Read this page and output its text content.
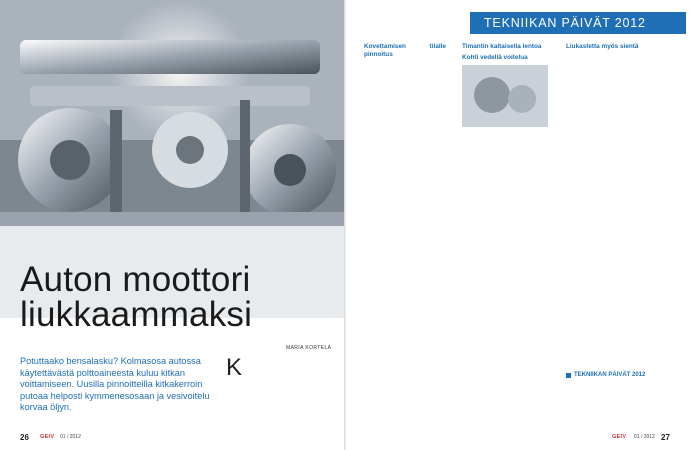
Auton moottori
liukkaammaksi
MARIA KORTELA

Potuttaako bensalasku? Kolmasosa autossa käytettävästä polttoaineesta kuluu kitkan voittamiseen. Uusilla pinnoitteilla kitkakerroin putoaa helposti kymmenesosaan ja vesivoitelu korvaa öljyn.

K
TEKNIIKAN PÄIVÄT 2012
Kovettamisen tilalle pinnoitus
Timantin kaltaisella lentoa
Kohti vedellä voitelua
Liukastetta myös sientä
TEKNIIKAN PÄIVÄT 2012
26 GEIV 01 / 2012	GEIV 01 / 2012 27
